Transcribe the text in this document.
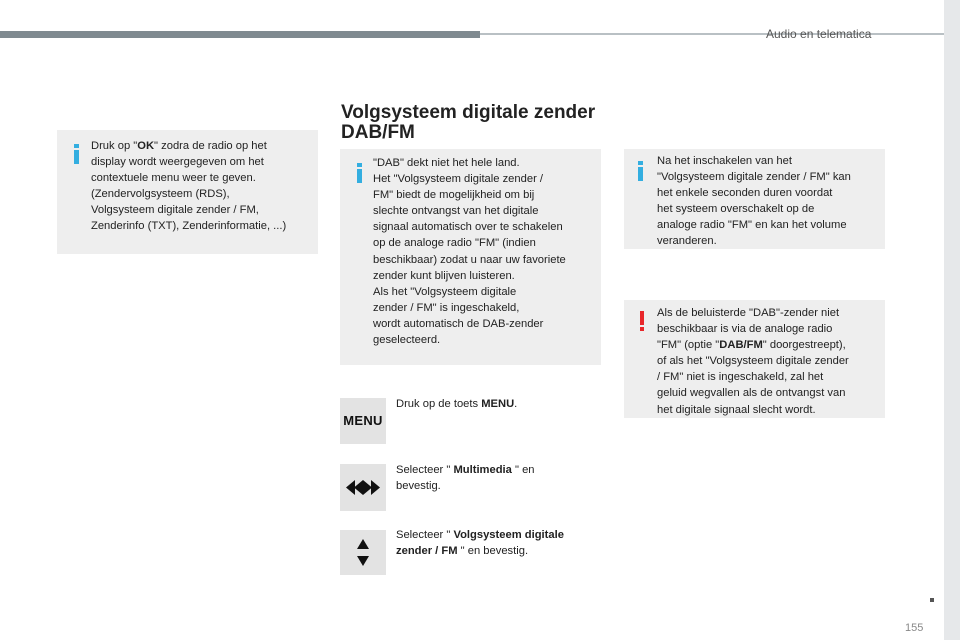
Audio en telematica
Druk op "OK" zodra de radio op het
display wordt weergegeven om het
contextuele menu weer te geven.
(Zendervolgsysteem (RDS),
Volgsysteem digitale zender / FM,
Zenderinfo (TXT), Zenderinformatie, ...)
Volgsysteem digitale zender
DAB/FM
"DAB" dekt niet het hele land.
Het "Volgsysteem digitale zender /
FM" biedt de mogelijkheid om bij
slechte ontvangst van het digitale
signaal automatisch over te schakelen
op de analoge radio "FM" (indien
beschikbaar) zodat u naar uw favoriete
zender kunt blijven luisteren.
Als het "Volgsysteem digitale
zender / FM" is ingeschakeld,
wordt automatisch de DAB-zender
geselecteerd.
MENU
Druk op de toets MENU.
Selecteer " Multimedia " en
bevestig.
Selecteer " Volgsysteem digitale
zender / FM " en bevestig.
Na het inschakelen van het
"Volgsysteem digitale zender / FM" kan
het enkele seconden duren voordat
het systeem overschakelt op de
analoge radio "FM" en kan het volume
veranderen.
Als de beluisterde "DAB"-zender niet
beschikbaar is via de analoge radio
"FM" (optie "DAB/FM" doorgestreept),
of als het "Volgsysteem digitale zender
/ FM" niet is ingeschakeld, zal het
geluid wegvallen als de ontvangst van
het digitale signaal slecht wordt.
155
